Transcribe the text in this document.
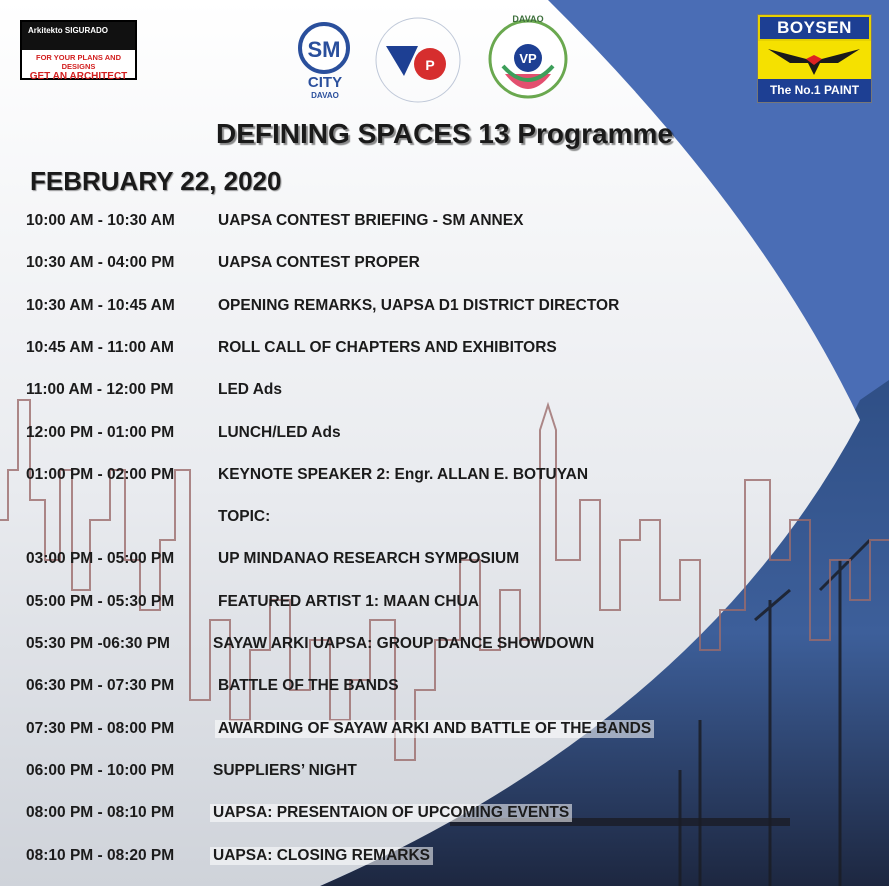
Arkitekto SIGURADO
FOR YOUR PLANS AND DESIGNS
GET AN ARCHITECT
SM
CITY
DAVAO
P	VP
DAVAO	BOYSEN
The No.1 PAINT
DEFINING SPACES 13 Programme
FEBRUARY 22, 2020
10:00 AM - 10:30 AM	UAPSA CONTEST BRIEFING - SM ANNEX
10:30 AM - 04:00 PM	UAPSA CONTEST PROPER
10:30 AM - 10:45 AM	OPENING REMARKS, UAPSA D1 DISTRICT DIRECTOR
10:45 AM - 11:00 AM	ROLL CALL OF CHAPTERS AND EXHIBITORS
11:00 AM - 12:00 PM	LED Ads
12:00 PM - 01:00 PM	LUNCH/LED Ads
01:00 PM - 02:00 PM	KEYNOTE SPEAKER 2: Engr. ALLAN E. BOTUYAN
TOPIC:
03:00 PM - 05:00 PM	UP MINDANAO RESEARCH SYMPOSIUM
05:00 PM - 05:30 PM	FEATURED ARTIST 1: MAAN CHUA
05:30 PM -06:30 PM	SAYAW ARKI UAPSA: GROUP DANCE SHOWDOWN
06:30 PM - 07:30 PM	BATTLE OF THE BANDS
07:30 PM - 08:00 PM	AWARDING OF SAYAW ARKI AND BATTLE OF THE BANDS
06:00 PM - 10:00 PM	SUPPLIERS’ NIGHT
08:00 PM - 08:10 PM	UAPSA: PRESENTAION OF UPCOMING EVENTS
08:10 PM - 08:20 PM	UAPSA: CLOSING REMARKS
